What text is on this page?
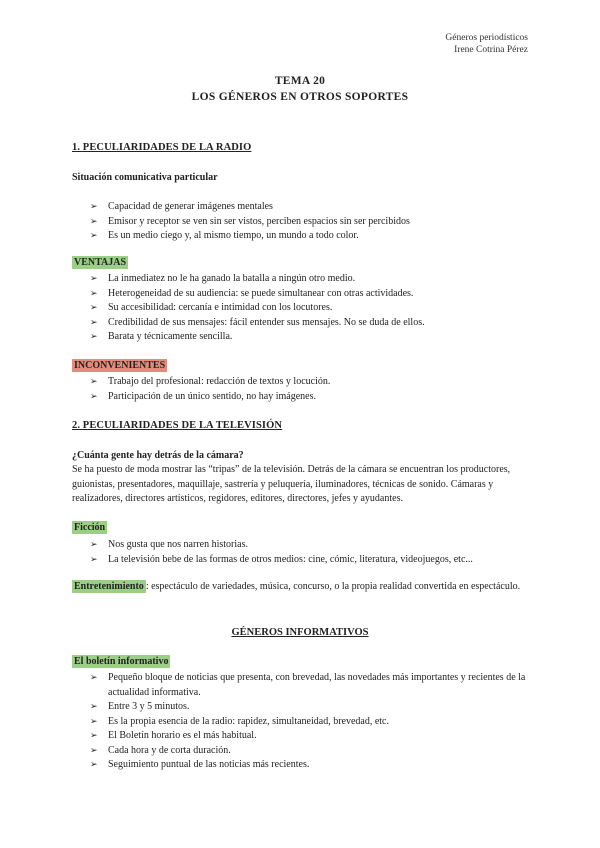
Géneros periodísticos
Irene Cotrina Pérez
TEMA 20
LOS GÉNEROS EN OTROS SOPORTES
1. PECULIARIDADES DE LA RADIO
Situación comunicativa particular
➢ Capacidad de generar imágenes mentales
➢ Emisor y receptor se ven sin ser vistos, perciben espacios sin ser percibidos
➢ Es un medio ciego y, al mismo tiempo, un mundo a todo color.
VENTAJAS
➢ La inmediatez no le ha ganado la batalla a ningún otro medio.
➢ Heterogeneidad de su audiencia: se puede simultanear con otras actividades.
➢ Su accesibilidad: cercanía e intimidad con los locutores.
➢ Credibilidad de sus mensajes: fácil entender sus mensajes. No se duda de ellos.
➢ Barata y técnicamente sencilla.
INCONVENIENTES
➢ Trabajo del profesional: redacción de textos y locución.
➢ Participación de un único sentido, no hay imágenes.
2. PECULIARIDADES DE LA TELEVISIÓN
¿Cuánta gente hay detrás de la cámara?
Se ha puesto de moda mostrar las “tripas” de la televisión. Detrás de la cámara se encuentran los productores, guionistas, presentadores, maquillaje, sastrería y peluquería, iluminadores, técnicas de sonido. Cámaras y realizadores, directores artísticos, regidores, editores, directores, jefes y ayudantes.
Ficción
➢ Nos gusta que nos narren historias.
➢ La televisión bebe de las formas de otros medios: cine, cómic, literatura, videojuegos, etc...
Entretenimiento : espectáculo de variedades, música, concurso, o la propia realidad convertida en espectáculo.
GÉNEROS INFORMATIVOS
El boletín informativo
➢ Pequeño bloque de noticias que presenta, con brevedad, las novedades más importantes y recientes de la actualidad informativa.
➢ Entre 3 y 5 minutos.
➢ Es la propia esencia de la radio: rapidez, simultaneidad, brevedad, etc.
➢ El Boletín horario es el más habitual.
➢ Cada hora y de corta duración.
➢ Seguimiento puntual de las noticias más recientes.
